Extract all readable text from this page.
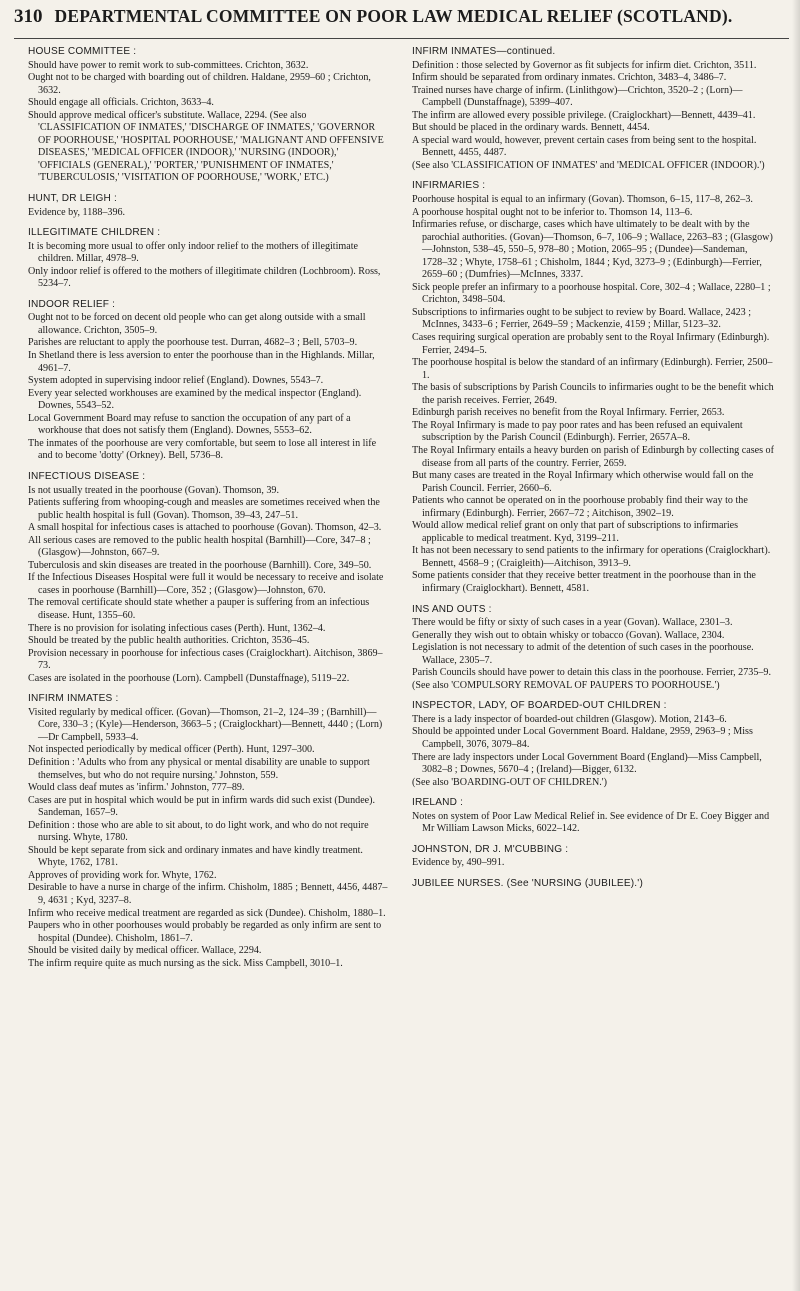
310 DEPARTMENTAL COMMITTEE ON POOR LAW MEDICAL RELIEF (SCOTLAND).
HOUSE COMMITTEE :

Should have power to remit work to sub-committees. Crichton, 3632.

Ought not to be charged with boarding out of children. Haldane, 2959–60 ; Crichton, 3632.

Should engage all officials. Crichton, 3633–4.

Should approve medical officer's substitute. Wallace, 2294. (See also 'CLASSIFICATION OF INMATES,' 'DISCHARGE OF INMATES,' 'GOVERNOR OF POORHOUSE,' 'HOSPITAL POORHOUSE,' 'MALIGNANT AND OFFENSIVE DISEASES,' 'MEDICAL OFFICER (INDOOR),' 'NURSING (INDOOR),' 'OFFICIALS (GENERAL),' 'PORTER,' 'PUNISHMENT OF INMATES,' 'TUBERCULOSIS,' 'VISITATION OF POORHOUSE,' 'WORK,' ETC.)

HUNT, DR LEIGH :

Evidence by, 1188–396.

ILLEGITIMATE CHILDREN :

It is becoming more usual to offer only indoor relief to the mothers of illegitimate children. Millar, 4978–9.

Only indoor relief is offered to the mothers of illegitimate children (Lochbroom). Ross, 5234–7.

INDOOR RELIEF :

Ought not to be forced on decent old people who can get along outside with a small allowance. Crichton, 3505–9.

Parishes are reluctant to apply the poorhouse test. Durran, 4682–3 ; Bell, 5703–9.

In Shetland there is less aversion to enter the poorhouse than in the Highlands. Millar, 4961–7.

System adopted in supervising indoor relief (England). Downes, 5543–7.

Every year selected workhouses are examined by the medical inspector (England). Downes, 5543–52.

Local Government Board may refuse to sanction the occupation of any part of a workhouse that does not satisfy them (England). Downes, 5553–62.

The inmates of the poorhouse are very comfortable, but seem to lose all interest in life and to become 'dotty' (Orkney). Bell, 5736–8.

INFECTIOUS DISEASE :

Is not usually treated in the poorhouse (Govan). Thomson, 39.

Patients suffering from whooping-cough and measles are sometimes received when the public health hospital is full (Govan). Thomson, 39–43, 247–51.

A small hospital for infectious cases is attached to poorhouse (Govan). Thomson, 42–3.

All serious cases are removed to the public health hospital (Barnhill)—Core, 347–8 ; (Glasgow)—Johnston, 667–9.

Tuberculosis and skin diseases are treated in the poorhouse (Barnhill). Core, 349–50.

If the Infectious Diseases Hospital were full it would be necessary to receive and isolate cases in poorhouse (Barnhill)—Core, 352 ; (Glasgow)—Johnston, 670.

The removal certificate should state whether a pauper is suffering from an infectious disease. Hunt, 1355–60.

There is no provision for isolating infectious cases (Perth). Hunt, 1362–4.

Should be treated by the public health authorities. Crichton, 3536–45.

Provision necessary in poorhouse for infectious cases (Craiglockhart). Aitchison, 3869–73.

Cases are isolated in the poorhouse (Lorn). Campbell (Dunstaffnage), 5119–22.

INFIRM INMATES :

Visited regularly by medical officer. (Govan)—Thomson, 21–2, 124–39 ; (Barnhill)—Core, 330–3 ; (Kyle)—Henderson, 3663–5 ; (Craiglockhart)—Bennett, 4440 ; (Lorn)—Dr Campbell, 5933–4.

Not inspected periodically by medical officer (Perth). Hunt, 1297–300.

Definition : 'Adults who from any physical or mental disability are unable to support themselves, but who do not require nursing.' Johnston, 559.

Would class deaf mutes as 'infirm.' Johnston, 777–89.

Cases are put in hospital which would be put in infirm wards did such exist (Dundee). Sandeman, 1657–9.

Definition : those who are able to sit about, to do light work, and who do not require nursing. Whyte, 1780.

Should be kept separate from sick and ordinary inmates and have kindly treatment. Whyte, 1762, 1781.

Approves of providing work for. Whyte, 1762.

Desirable to have a nurse in charge of the infirm. Chisholm, 1885 ; Bennett, 4456, 4487–9, 4631 ; Kyd, 3237–8.

Infirm who receive medical treatment are regarded as sick (Dundee). Chisholm, 1880–1.

Paupers who in other poorhouses would probably be regarded as only infirm are sent to hospital (Dundee). Chisholm, 1861–7.

Should be visited daily by medical officer. Wallace, 2294.

The infirm require quite as much nursing as the sick. Miss Campbell, 3010–1.

INFIRM INMATES—continued.

Definition : those selected by Governor as fit subjects for infirm diet. Crichton, 3511.

Infirm should be separated from ordinary inmates. Crichton, 3483–4, 3486–7.

Trained nurses have charge of infirm. (Linlithgow)—Crichton, 3520–2 ; (Lorn)—Campbell (Dunstaffnage), 5399–407.

The infirm are allowed every possible privilege. (Craiglockhart)—Bennett, 4439–41.

But should be placed in the ordinary wards. Bennett, 4454.

A special ward would, however, prevent certain cases from being sent to the hospital. Bennett, 4455, 4487.

(See also 'CLASSIFICATION OF INMATES' and 'MEDICAL OFFICER (INDOOR).')

INFIRMARIES :

Poorhouse hospital is equal to an infirmary (Govan). Thomson, 6–15, 117–8, 262–3.

A poorhouse hospital ought not to be inferior to. Thomson 14, 113–6.

Infirmaries refuse, or discharge, cases which have ultimately to be dealt with by the parochial authorities. (Govan)—Thomson, 6–7, 106–9 ; Wallace, 2263–83 ; (Glasgow)—Johnston, 538–45, 550–5, 978–80 ; Motion, 2065–95 ; (Dundee)—Sandeman, 1728–32 ; Whyte, 1758–61 ; Chisholm, 1844 ; Kyd, 3273–9 ; (Edinburgh)—Ferrier, 2659–60 ; (Dumfries)—McInnes, 3337.

Sick people prefer an infirmary to a poorhouse hospital. Core, 302–4 ; Wallace, 2280–1 ; Crichton, 3498–504.

Subscriptions to infirmaries ought to be subject to review by Board. Wallace, 2423 ; McInnes, 3433–6 ; Ferrier, 2649–59 ; Mackenzie, 4159 ; Millar, 5123–32.

Cases requiring surgical operation are probably sent to the Royal Infirmary (Edinburgh). Ferrier, 2494–5.

The poorhouse hospital is below the standard of an infirmary (Edinburgh). Ferrier, 2500–1.

The basis of subscriptions by Parish Councils to infirmaries ought to be the benefit which the parish receives. Ferrier, 2649.

Edinburgh parish receives no benefit from the Royal Infirmary. Ferrier, 2653.

The Royal Infirmary is made to pay poor rates and has been refused an equivalent subscription by the Parish Council (Edinburgh). Ferrier, 2657A–8.

The Royal Infirmary entails a heavy burden on parish of Edinburgh by collecting cases of disease from all parts of the country. Ferrier, 2659.

But many cases are treated in the Royal Infirmary which otherwise would fall on the Parish Council. Ferrier, 2660–6.

Patients who cannot be operated on in the poorhouse probably find their way to the infirmary (Edinburgh). Ferrier, 2667–72 ; Aitchison, 3902–19.

Would allow medical relief grant on only that part of subscriptions to infirmaries applicable to medical treatment. Kyd, 3199–211.

It has not been necessary to send patients to the infirmary for operations (Craiglockhart). Bennett, 4568–9 ; (Craigleith)—Aitchison, 3913–9.

Some patients consider that they receive better treatment in the poorhouse than in the infirmary (Craiglockhart). Bennett, 4581.

INS AND OUTS :

There would be fifty or sixty of such cases in a year (Govan). Wallace, 2301–3.

Generally they wish out to obtain whisky or tobacco (Govan). Wallace, 2304.

Legislation is not necessary to admit of the detention of such cases in the poorhouse. Wallace, 2305–7.

Parish Councils should have power to detain this class in the poorhouse. Ferrier, 2735–9.

(See also 'COMPULSORY REMOVAL OF PAUPERS TO POORHOUSE.')

INSPECTOR, LADY, OF BOARDED-OUT CHILDREN :

There is a lady inspector of boarded-out children (Glasgow). Motion, 2143–6.

Should be appointed under Local Government Board. Haldane, 2959, 2963–9 ; Miss Campbell, 3076, 3079–84.

There are lady inspectors under Local Government Board (England)—Miss Campbell, 3082–8 ; Downes, 5670–4 ; (Ireland)—Bigger, 6132.

(See also 'BOARDING-OUT OF CHILDREN.')

IRELAND :

Notes on system of Poor Law Medical Relief in. See evidence of Dr E. Coey Bigger and Mr William Lawson Micks, 6022–142.

JOHNSTON, DR J. M'CUBBING :

Evidence by, 490–991.

JUBILEE NURSES. (See 'NURSING (JUBILEE).')
